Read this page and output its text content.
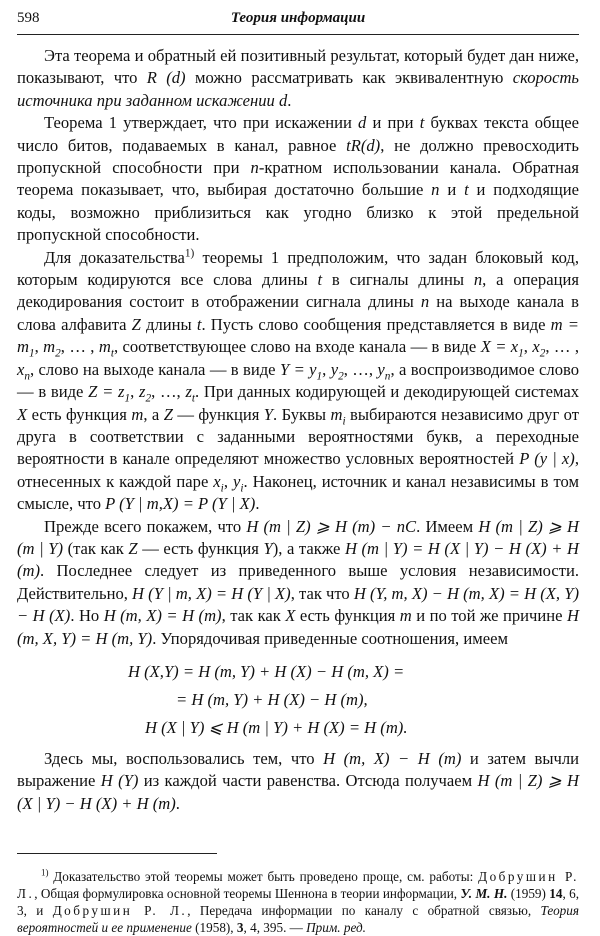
598	Теория информации

Эта теорема и обратный ей позитивный результат, который будет дан ниже, показывают, что R (d) можно рассматривать как эквивалентную скорость источника при заданном искажении d.

Теорема 1 утверждает, что при искажении d и при t буквах текста общее число битов, подаваемых в канал, равное tR(d), не должно превосходить пропускной способности при n-кратном использовании канала. Обратная теорема показывает, что, выбирая достаточно большие n и t и подходящие коды, возможно приблизиться как угодно близко к этой предельной пропускной способности.

Для доказательства$^{1)}$ теоремы 1 предположим, что задан блоковый код, которым кодируются все слова длины t в сигналы длины n, а операция декодирования состоит в отображении сигнала длины n на выходе канала в слова алфавита Z длины t. Пусть слово сообщения представляется в виде $m = m_1$, $m_2$, … , $m_t$, соответствующее слово на входе канала — в виде $X = x_1$, $x_2$, … , $x_n$, слово на выходе канала — в виде $Y = y_1$, $y_2$, …, $y_n$, а воспроизводимое слово — в виде $Z = z_1$, $z_2$, …, $z_t$. При данных кодирующей и декодирующей системах X есть функция m, а Z — функция Y. Буквы $m_i$ выбираются независимо друг от друга в соответствии с заданными вероятностями букв, а переходные вероятности в канале определяют множество условных вероятностей P (y | x), отнесенных к каждой паре $x_i$, $y_i$. Наконец, источник и канал независимы в том смысле, что P (Y | m,X) = P (Y | X).

Прежде всего покажем, что H (m | Z) ⩾ H (m) − nC. Имеем H (m | Z) ⩾ H (m | Y) (так как Z — есть функция Y), а также H (m | Y) = H (X | Y) − H (X) + H (m). Последнее следует из приведенного выше условия независимости. Действительно, H (Y | m, X) = H (Y | X), так что H (Y, m, X) − H (m, X) = H (X, Y) − H (X). Но H (m, X) = H (m), так как X есть функция m и по той же причине H (m, X, Y) = H (m, Y). Упорядочивая приведенные соотношения, имеем

H (X,Y) = H (m, Y) + H (X) − H (m, X) =
= H (m, Y) + H (X) − H (m),
H (X | Y) ⩽ H (m | Y) + H (X) = H (m).

Здесь мы, воспользовались тем, что H (m, X) − H (m) и затем вычли выражение H (Y) из каждой части равенства. Отсюда получаем H (m | Z) ⩾ H (X | Y) − H (X) + H (m).

$^{1)}$ Доказательство этой теоремы может быть проведено проще, см. работы: Добрушин Р. Л., Общая формулировка основной теоремы Шеннона в теории информации, У. М. Н. (1959) 14, 6, 3, и Добрушин Р. Л., Передача информации по каналу с обратной связью, Теория вероятностей и ее применение (1958), 3, 4, 395. — Прим. ред.
